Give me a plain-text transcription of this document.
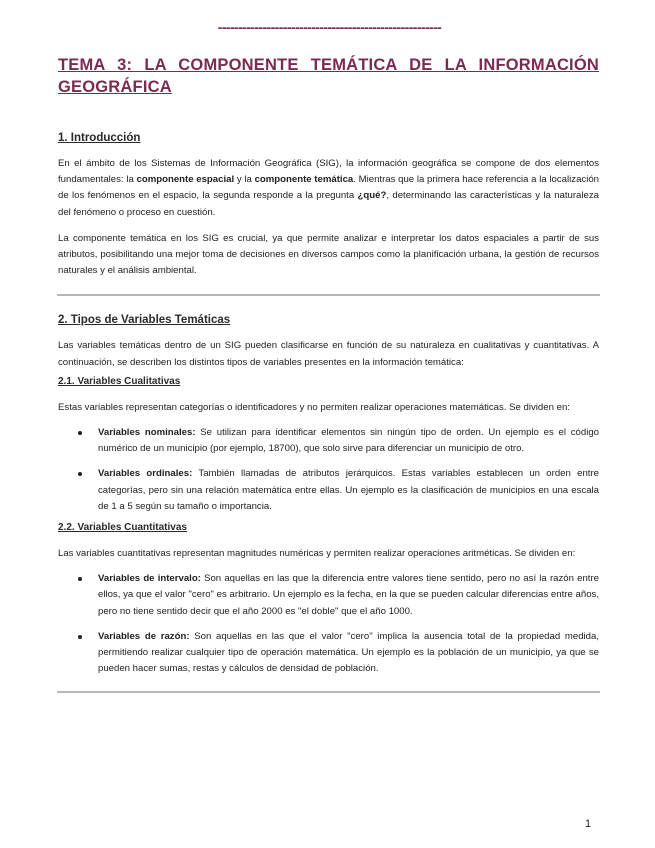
-------------------------------------------------------
TEMA 3: LA COMPONENTE TEMÁTICA DE LA INFORMACIÓN
GEOGRÁFICA
1. Introducción

En el ámbito de los Sistemas de Información Geográfica (SIG), la información geográfica se compone de dos elementos fundamentales: la componente espacial y la componente temática. Mientras que la primera hace referencia a la localización de los fenómenos en el espacio, la segunda responde a la pregunta ¿qué?, determinando las características y la naturaleza del fenómeno o proceso en cuestión.

La componente temática en los SIG es crucial, ya que permite analizar e interpretar los datos espaciales a partir de sus atributos, posibilitando una mejor toma de decisiones en diversos campos como la planificación urbana, la gestión de recursos naturales y el análisis ambiental.

2. Tipos de Variables Temáticas

Las variables temáticas dentro de un SIG pueden clasificarse en función de su naturaleza en cualitativas y cuantitativas. A continuación, se describen los distintos tipos de variables presentes en la información temática:

2.1. Variables Cualitativas

Estas variables representan categorías o identificadores y no permiten realizar operaciones matemáticas. Se dividen en:

Variables nominales: Se utilizan para identificar elementos sin ningún tipo de orden. Un ejemplo es el código numérico de un municipio (por ejemplo, 18700), que solo sirve para diferenciar un municipio de otro.
Variables ordinales: También llamadas de atributos jerárquicos. Estas variables establecen un orden entre categorías, pero sin una relación matemática entre ellas. Un ejemplo es la clasificación de municipios en una escala de 1 a 5 según su tamaño o importancia.
2.2. Variables Cuantitativas

Las variables cuantitativas representan magnitudes numéricas y permiten realizar operaciones aritméticas. Se dividen en:

Variables de intervalo: Son aquellas en las que la diferencia entre valores tiene sentido, pero no así la razón entre ellos, ya que el valor "cero" es arbitrario. Un ejemplo es la fecha, en la que se pueden calcular diferencias entre años, pero no tiene sentido decir que el año 2000 es "el doble" que el año 1000.
Variables de razón: Son aquellas en las que el valor "cero" implica la ausencia total de la propiedad medida, permitiendo realizar cualquier tipo de operación matemática. Un ejemplo es la población de un municipio, ya que se pueden hacer sumas, restas y cálculos de densidad de población.
1
